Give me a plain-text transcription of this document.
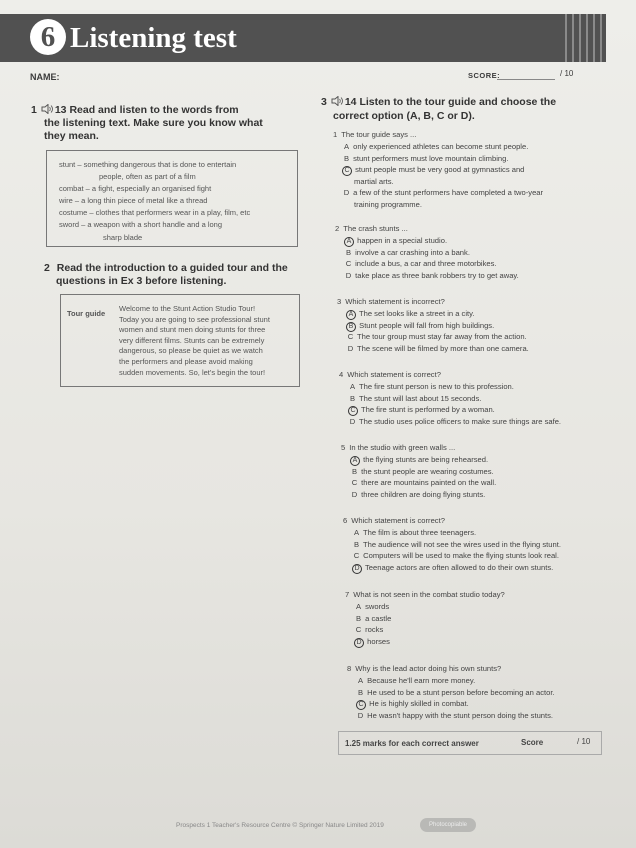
6 Listening test
NAME:	SCORE:	/ 10
1 13 Read and listen to the words from
the listening text. Make sure you know what
they mean.
stunt – something dangerous that is done to entertain
people, often as part of a film
combat – a fight, especially an organised fight
wire – a long thin piece of metal like a thread
costume – clothes that performers wear in a play, film, etc
sword – a weapon with a short handle and a long
sharp blade
2 Read the introduction to a guided tour and the
questions in Ex 3 before listening.
Tour guide
Welcome to the Stunt Action Studio Tour!
Today you are going to see professional stunt
women and stunt men doing stunts for three
very different films. Stunts can be extremely
dangerous, so please be quiet as we watch
the performers and please avoid making
sudden movements. So, let's begin the tour!
3 14 Listen to the tour guide and choose the
correct option (A, B, C or D).
1 The tour guide says ...
A only experienced athletes can become stunt people.
B stunt performers must love mountain climbing.
C stunt people must be very good at gymnastics and
martial arts.
D a few of the stunt performers have completed a two-year
training programme.
2 The crash stunts ...
A happen in a special studio.
B involve a car crashing into a bank.
C include a bus, a car and three motorbikes.
D take place as three bank robbers try to get away.
3 Which statement is incorrect?
A The set looks like a street in a city.
B Stunt people will fall from high buildings.
C The tour group must stay far away from the action.
D The scene will be filmed by more than one camera.
4 Which statement is correct?
A The fire stunt person is new to this profession.
B The stunt will last about 15 seconds.
C The fire stunt is performed by a woman.
D The studio uses police officers to make sure things are safe.
5 In the studio with green walls ...
A the flying stunts are being rehearsed.
B the stunt people are wearing costumes.
C there are mountains painted on the wall.
D three children are doing flying stunts.
6 Which statement is correct?
A The film is about three teenagers.
B The audience will not see the wires used in the flying stunt.
C Computers will be used to make the flying stunts look real.
D Teenage actors are often allowed to do their own stunts.
7 What is not seen in the combat studio today?
A swords
B a castle
C rocks
D horses
8 Why is the lead actor doing his own stunts?
A Because he'll earn more money.
B He used to be a stunt person before becoming an actor.
C He is highly skilled in combat.
D He wasn't happy with the stunt person doing the stunts.
1.25 marks for each correct answer	Score	/ 10
Prospects 1 Teacher's Resource Centre © Springer Nature Limited 2019	Photocopiable
